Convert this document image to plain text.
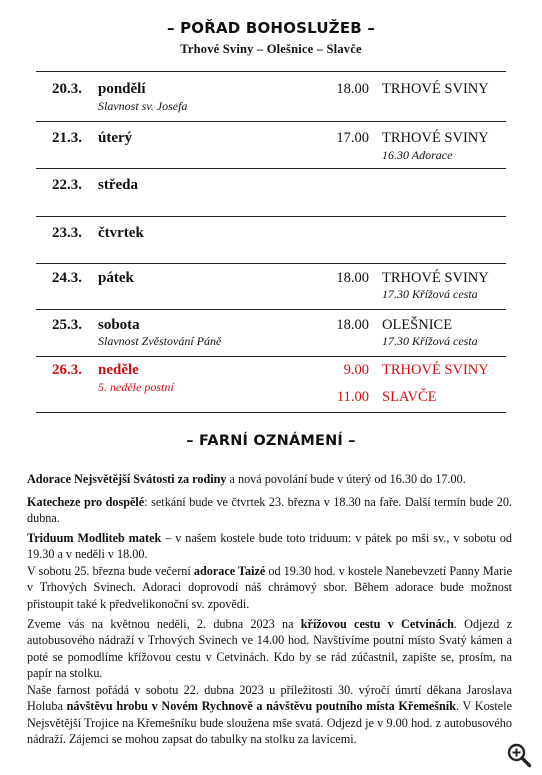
– POŘAD BOHOSLUŽEB –
Trhové Sviny – Olešnice – Slavče
20.3.	pondělí
Slavnost sv. Josefa
18.00 TRHOVÉ SVINY
21.3.	úterý	17.00 TRHOVÉ SVINY
16.30 Adorace
22.3.	středa
23.3.	čtvrtek
24.3.	pátek	18.00 TRHOVÉ SVINY
17.30 Křížová cesta
25.3.	sobota
Slavnost Zvěstování Páně
18.00 OLEŠNICE
17.30 Křížová cesta
26.3.	neděle
5. neděle postní
9.00 TRHOVÉ SVINY
11.00 SLAVČE
– FARNÍ OZNÁMENÍ –
Adorace Nejsvětější Svátosti za rodiny a nová povolání bude v úterý od 16.30 do 17.00.
Katecheze pro dospělé: setkání bude ve čtvrtek 23. března v 18.30 na faře. Další termín bude 20. dubna.
Triduum Modliteb matek – v našem kostele bude toto triduum: v pátek po mši sv., v sobotu od 19.30 a v neděli v 18.00.
V sobotu 25. března bude večerní adorace Taizé od 19.30 hod. v kostele Nanebevzetí Panny Marie v Trhových Svinech. Adoraci doprovodí náš chrámový sbor. Během adorace bude možnost přistoupit také k předvelikonoční sv. zpovědi.
Zveme vás na květnou neděli, 2. dubna 2023 na křížovou cestu v Cetvinách. Odjezd z autobusového nádraží v Trhových Svinech ve 14.00 hod. Navštívíme poutní místo Svatý kámen a poté se pomodlíme křížovou cestu v Cetvinách. Kdo by se rád zúčastnil, zapište se, prosím, na papír na stolku.
Naše farnost pořádá v sobotu 22. dubna 2023 u příležitosti 30. výročí úmrtí děkana Jaroslava Holuba návštěvu hrobu v Novém Rychnově a návštěvu poutního místa Křemešník. V Kostele Nejsvětější Trojice na Křemešníku bude sloužena mše svatá. Odjezd je v 9.00 hod. z autobusového nádraží. Zájemci se mohou zapsat do tabulky na stolku za lavicemi.
